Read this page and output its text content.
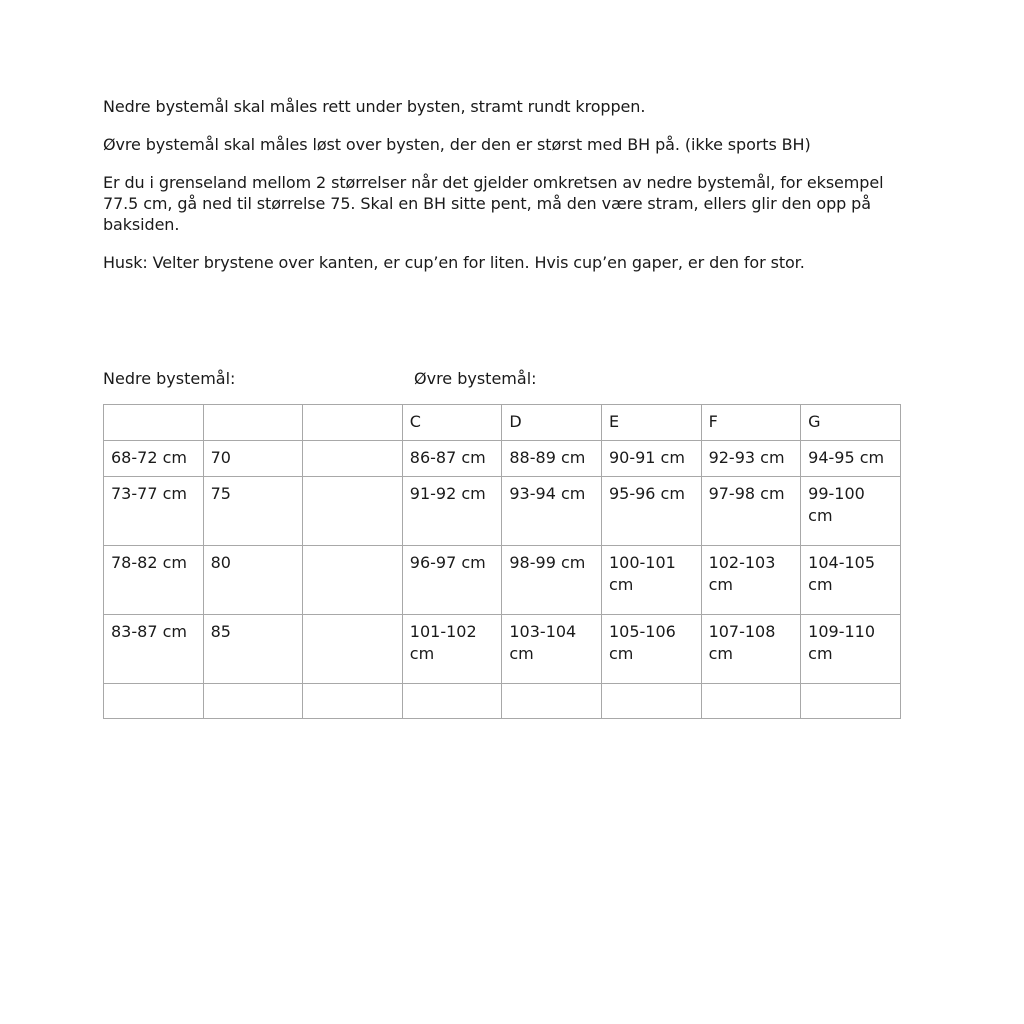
Nedre bystemål skal måles rett under bysten, stramt rundt kroppen.

Øvre bystemål skal måles løst over bysten, der den er størst med BH på. (ikke sports BH)

Er du i grenseland mellom 2 størrelser når det gjelder omkretsen av nedre bystemål, for eksempel 77.5 cm, gå ned til størrelse 75. Skal en BH sitte pent, må den være stram, ellers glir den opp på baksiden.

Husk: Velter brystene over kanten, er cup’en for liten. Hvis cup’en gaper, er den for stor.

Nedre bystemål:	Øvre bystemål:
			C	D	E	F	G
68-72 cm	70		86-87 cm	88-89 cm	90-91 cm	92-93 cm	94-95 cm
73-77 cm	75		91-92 cm	93-94 cm	95-96 cm	97-98 cm	99-100 cm
78-82 cm	80		96-97 cm	98-99 cm	100-101 cm	102-103 cm	104-105 cm
83-87 cm	85		101-102 cm	103-104 cm	105-106 cm	107-108 cm	109-110 cm
